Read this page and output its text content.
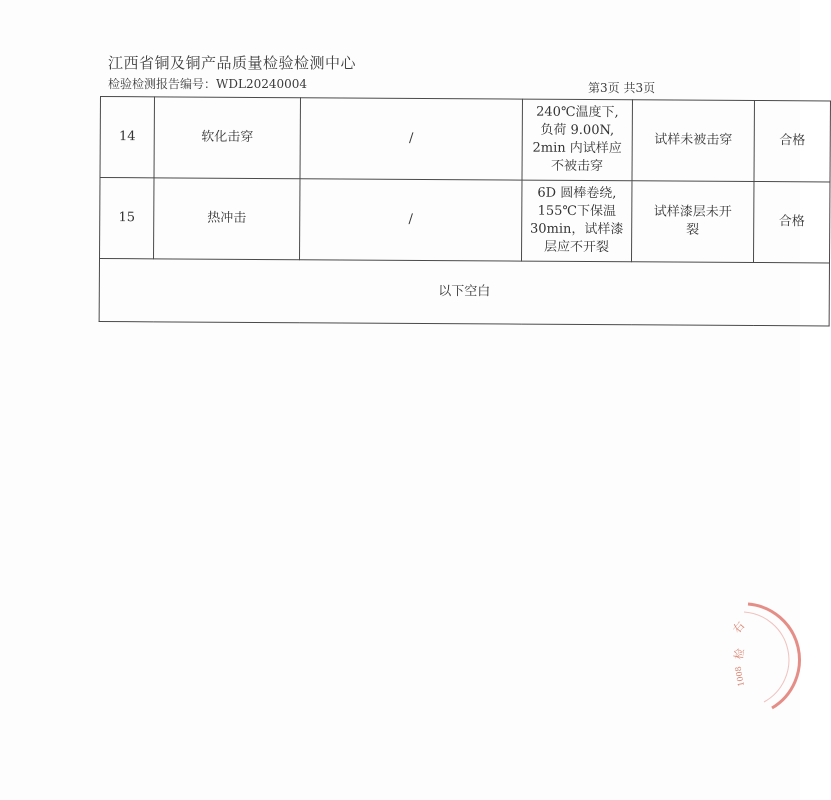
江西省铜及铜产品质量检验检测中心
检验检测报告编号：WDL20240004	第3页 共3页
14	软化击穿	/	240℃温度下,
负荷 9.00N,
2min 内试样应
不被击穿	试样未被击穿	合格
15	热冲击	/	6D 圆棒卷绕,
155℃下保温
30min，试样漆
层应不开裂	试样漆层未开
裂	合格
以下空白					
右
检
1008
